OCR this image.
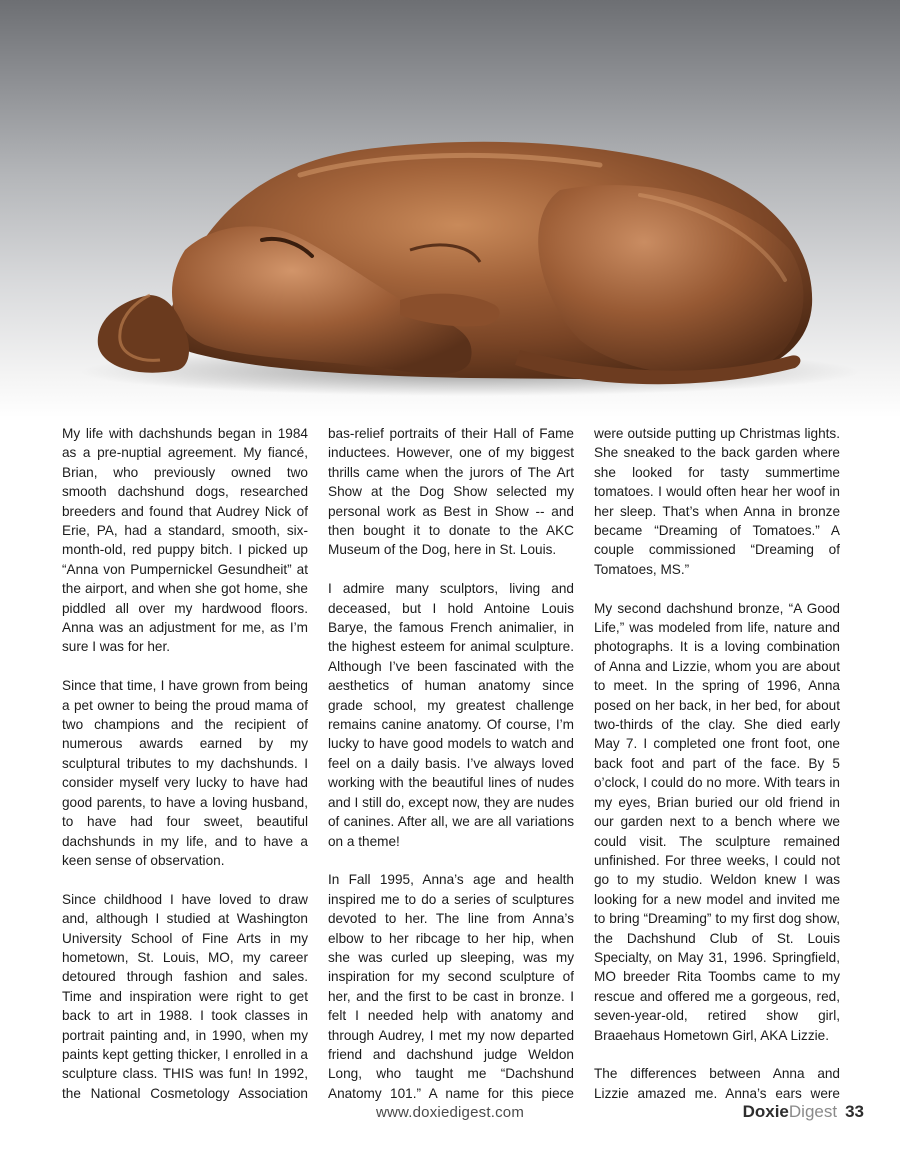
My life with dachshunds began in 1984 as a pre-nuptial agreement. My fiancé, Brian, who previously owned two smooth dachshund dogs, researched breeders and found that Audrey Nick of Erie, PA, had a standard, smooth, six-month-old, red puppy bitch. I picked up “Anna von Pumpernickel Gesundheit” at the airport, and when she got home, she piddled all over my hardwood floors. Anna was an adjustment for me, as I’m sure I was for her.

Since that time, I have grown from being a pet owner to being the proud mama of two champions and the recipient of numerous awards earned by my sculptural tributes to my dachshunds. I consider myself very lucky to have had good parents, to have a loving husband, to have had four sweet, beautiful dachshunds in my life, and to have a keen sense of observation.

Since childhood I have loved to draw and, although I studied at Washington University School of Fine Arts in my hometown, St. Louis, MO, my career detoured through fashion and sales. Time and inspiration were right to get back to art in 1988. I took classes in portrait painting and, in 1990, when my paints kept getting thicker, I enrolled in a sculpture class. THIS was fun! In 1992, the National Cosmetology Association

bas-relief portraits of their Hall of Fame inductees. However, one of my biggest thrills came when the jurors of The Art Show at the Dog Show selected my personal work as Best in Show -- and then bought it to donate to the AKC Museum of the Dog, here in St. Louis.

I admire many sculptors, living and deceased, but I hold Antoine Louis Barye, the famous French animalier, in the highest esteem for animal sculpture. Although I’ve been fascinated with the aesthetics of human anatomy since grade school, my greatest challenge remains canine anatomy. Of course, I’m lucky to have good models to watch and feel on a daily basis. I’ve always loved working with the beautiful lines of nudes and I still do, except now, they are nudes of canines. After all, we are all variations on a theme!

In Fall 1995, Anna’s age and health inspired me to do a series of sculptures devoted to her. The line from Anna’s elbow to her ribcage to her hip, when she was curled up sleeping, was my inspiration for my second sculpture of her, and the first to be cast in bronze. I felt I needed help with anatomy and through Audrey, I met my now departed friend and dachshund judge Weldon Long, who taught me “Dachshund Anatomy 101.” A name for this piece

were outside putting up Christmas lights. She sneaked to the back garden where she looked for tasty summertime tomatoes. I would often hear her woof in her sleep. That’s when Anna in bronze became “Dreaming of Tomatoes.” A couple commissioned “Dreaming of Tomatoes, MS.”

My second dachshund bronze, “A Good Life,” was modeled from life, nature and photographs. It is a loving combination of Anna and Lizzie, whom you are about to meet. In the spring of 1996, Anna posed on her back, in her bed, for about two-thirds of the clay. She died early May 7. I completed one front foot, one back foot and part of the face. By 5 o’clock, I could do no more. With tears in my eyes, Brian buried our old friend in our garden next to a bench where we could visit. The sculpture remained unfinished. For three weeks, I could not go to my studio. Weldon knew I was looking for a new model and invited me to bring “Dreaming” to my first dog show, the Dachshund Club of St. Louis Specialty, on May 31, 1996. Springfield, MO breeder Rita Toombs came to my rescue and offered me a gorgeous, red, seven-year-old, retired show girl, Braaehaus Hometown Girl, AKA Lizzie.

The differences between Anna and Lizzie amazed me. Anna’s ears were

www.doxiedigest.com	DoxieDigest 33
